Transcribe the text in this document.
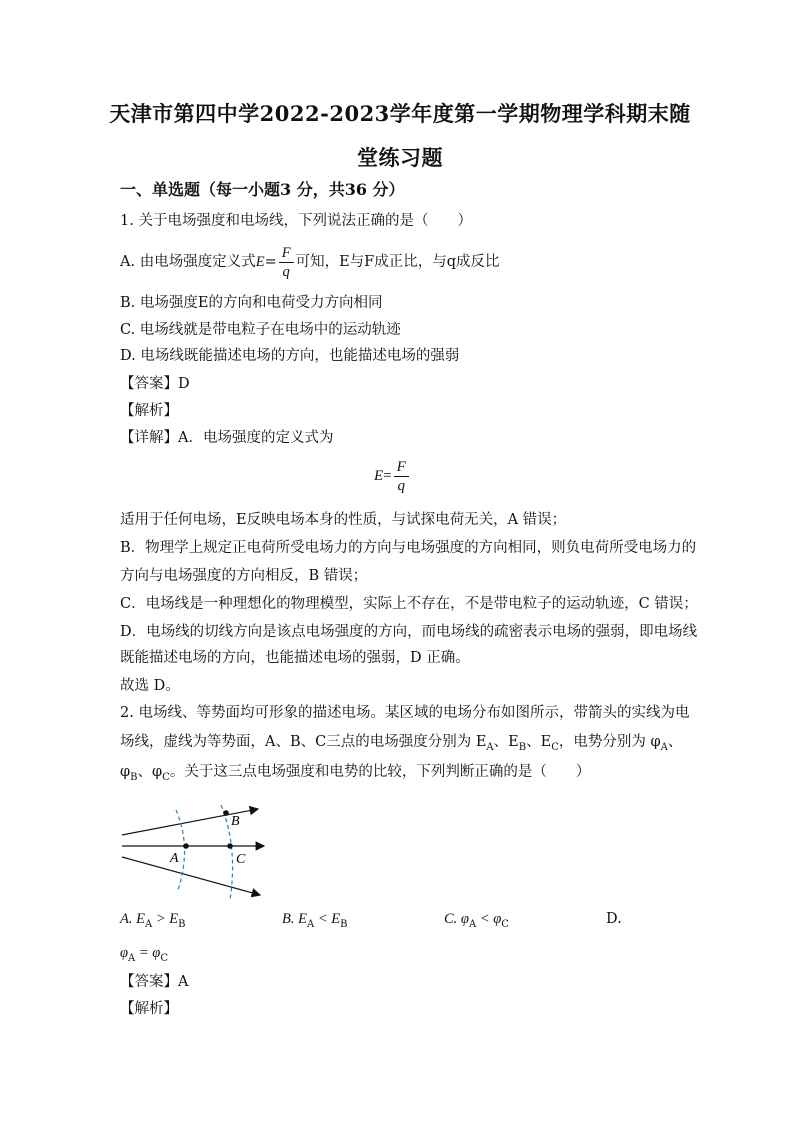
天津市第四中学2022-2023学年度第一学期物理学科期末随
堂练习题
一、单选题（每一小题3 分，共36 分）
1. 关于电场强度和电场线，下列说法正确的是（　　）
A. 由电场强度定义式 $E = \frac{F}{q}$ 可知，E与F成正比，与q成反比
B. 电场强度E的方向和电荷受力方向相同
C. 电场线就是带电粒子在电场中的运动轨迹
D. 电场线既能描述电场的方向，也能描述电场的强弱
【答案】D
【解析】
【详解】A．电场强度的定义式为
$E = \frac{F}{q}$
适用于任何电场，E反映电场本身的性质，与试探电荷无关，A 错误；
B．物理学上规定正电荷所受电场力的方向与电场强度的方向相同，则负电荷所受电场力的
方向与电场强度的方向相反，B 错误；
C．电场线是一种理想化的物理模型，实际上不存在，不是带电粒子的运动轨迹，C 错误；
D．电场线的切线方向是该点电场强度的方向，而电场线的疏密表示电场的强弱，即电场线
既能描述电场的方向，也能描述电场的强弱，D 正确。
故选 D。
2. 电场线、等势面均可形象的描述电场。某区域的电场分布如图所示，带箭头的实线为电
场线，虚线为等势面，A、B、C三点的电场强度分别为 $E_A$、$E_B$、$E_C$，电势分别为 $\varphi_A$、
$\varphi_B$、$\varphi_C$。关于这三点电场强度和电势的比较，下列判断正确的是（　　）
A
B
C
A. $E_A > E_B$	B. $E_A < E_B$	C. $\varphi_A < \varphi_C$	D.
$\varphi_A = \varphi_C$
【答案】A
【解析】
